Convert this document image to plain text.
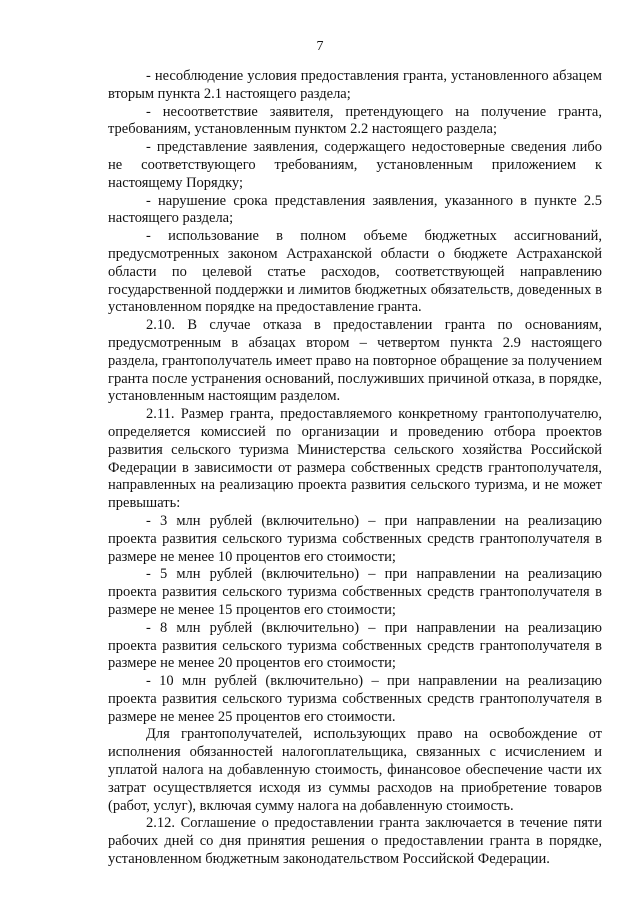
7

- несоблюдение условия предоставления гранта, установленного абзацем вторым пункта 2.1 настоящего раздела;

- несоответствие заявителя, претендующего на получение гранта, требованиям, установленным пунктом 2.2 настоящего раздела;

- представление заявления, содержащего недостоверные сведения либо не соответствующего требованиям, установленным приложением к настоящему Порядку;

- нарушение срока представления заявления, указанного в пункте 2.5 настоящего раздела;

- использование в полном объеме бюджетных ассигнований, предусмотренных законом Астраханской области о бюджете Астраханской области по целевой статье расходов, соответствующей направлению государственной поддержки и лимитов бюджетных обязательств, доведенных в установленном порядке на предоставление гранта.

2.10. В случае отказа в предоставлении гранта по основаниям, предусмотренным в абзацах втором – четвертом пункта 2.9 настоящего раздела, грантополучатель имеет право на повторное обращение за получением гранта после устранения оснований, послуживших причиной отказа, в порядке, установленным настоящим разделом.

2.11. Размер гранта, предоставляемого конкретному грантополучателю, определяется комиссией по организации и проведению отбора проектов развития сельского туризма Министерства сельского хозяйства Российской Федерации в зависимости от размера собственных средств грантополучателя, направленных на реализацию проекта развития сельского туризма, и не может превышать:

- 3 млн рублей (включительно) – при направлении на реализацию проекта развития сельского туризма собственных средств грантополучателя в размере не менее 10 процентов его стоимости;

- 5 млн рублей (включительно) – при направлении на реализацию проекта развития сельского туризма собственных средств грантополучателя в размере не менее 15 процентов его стоимости;

- 8 млн рублей (включительно) – при направлении на реализацию проекта развития сельского туризма собственных средств грантополучателя в размере не менее 20 процентов его стоимости;

- 10 млн рублей (включительно) – при направлении на реализацию проекта развития сельского туризма собственных средств грантополучателя в размере не менее 25 процентов его стоимости.

Для грантополучателей, использующих право на освобождение от исполнения обязанностей налогоплательщика, связанных с исчислением и уплатой налога на добавленную стоимость, финансовое обеспечение части их затрат осуществляется исходя из суммы расходов на приобретение товаров (работ, услуг), включая сумму налога на добавленную стоимость.

2.12. Соглашение о предоставлении гранта заключается в течение пяти рабочих дней со дня принятия решения о предоставлении гранта в порядке, установленном бюджетным законодательством Российской Федерации.
